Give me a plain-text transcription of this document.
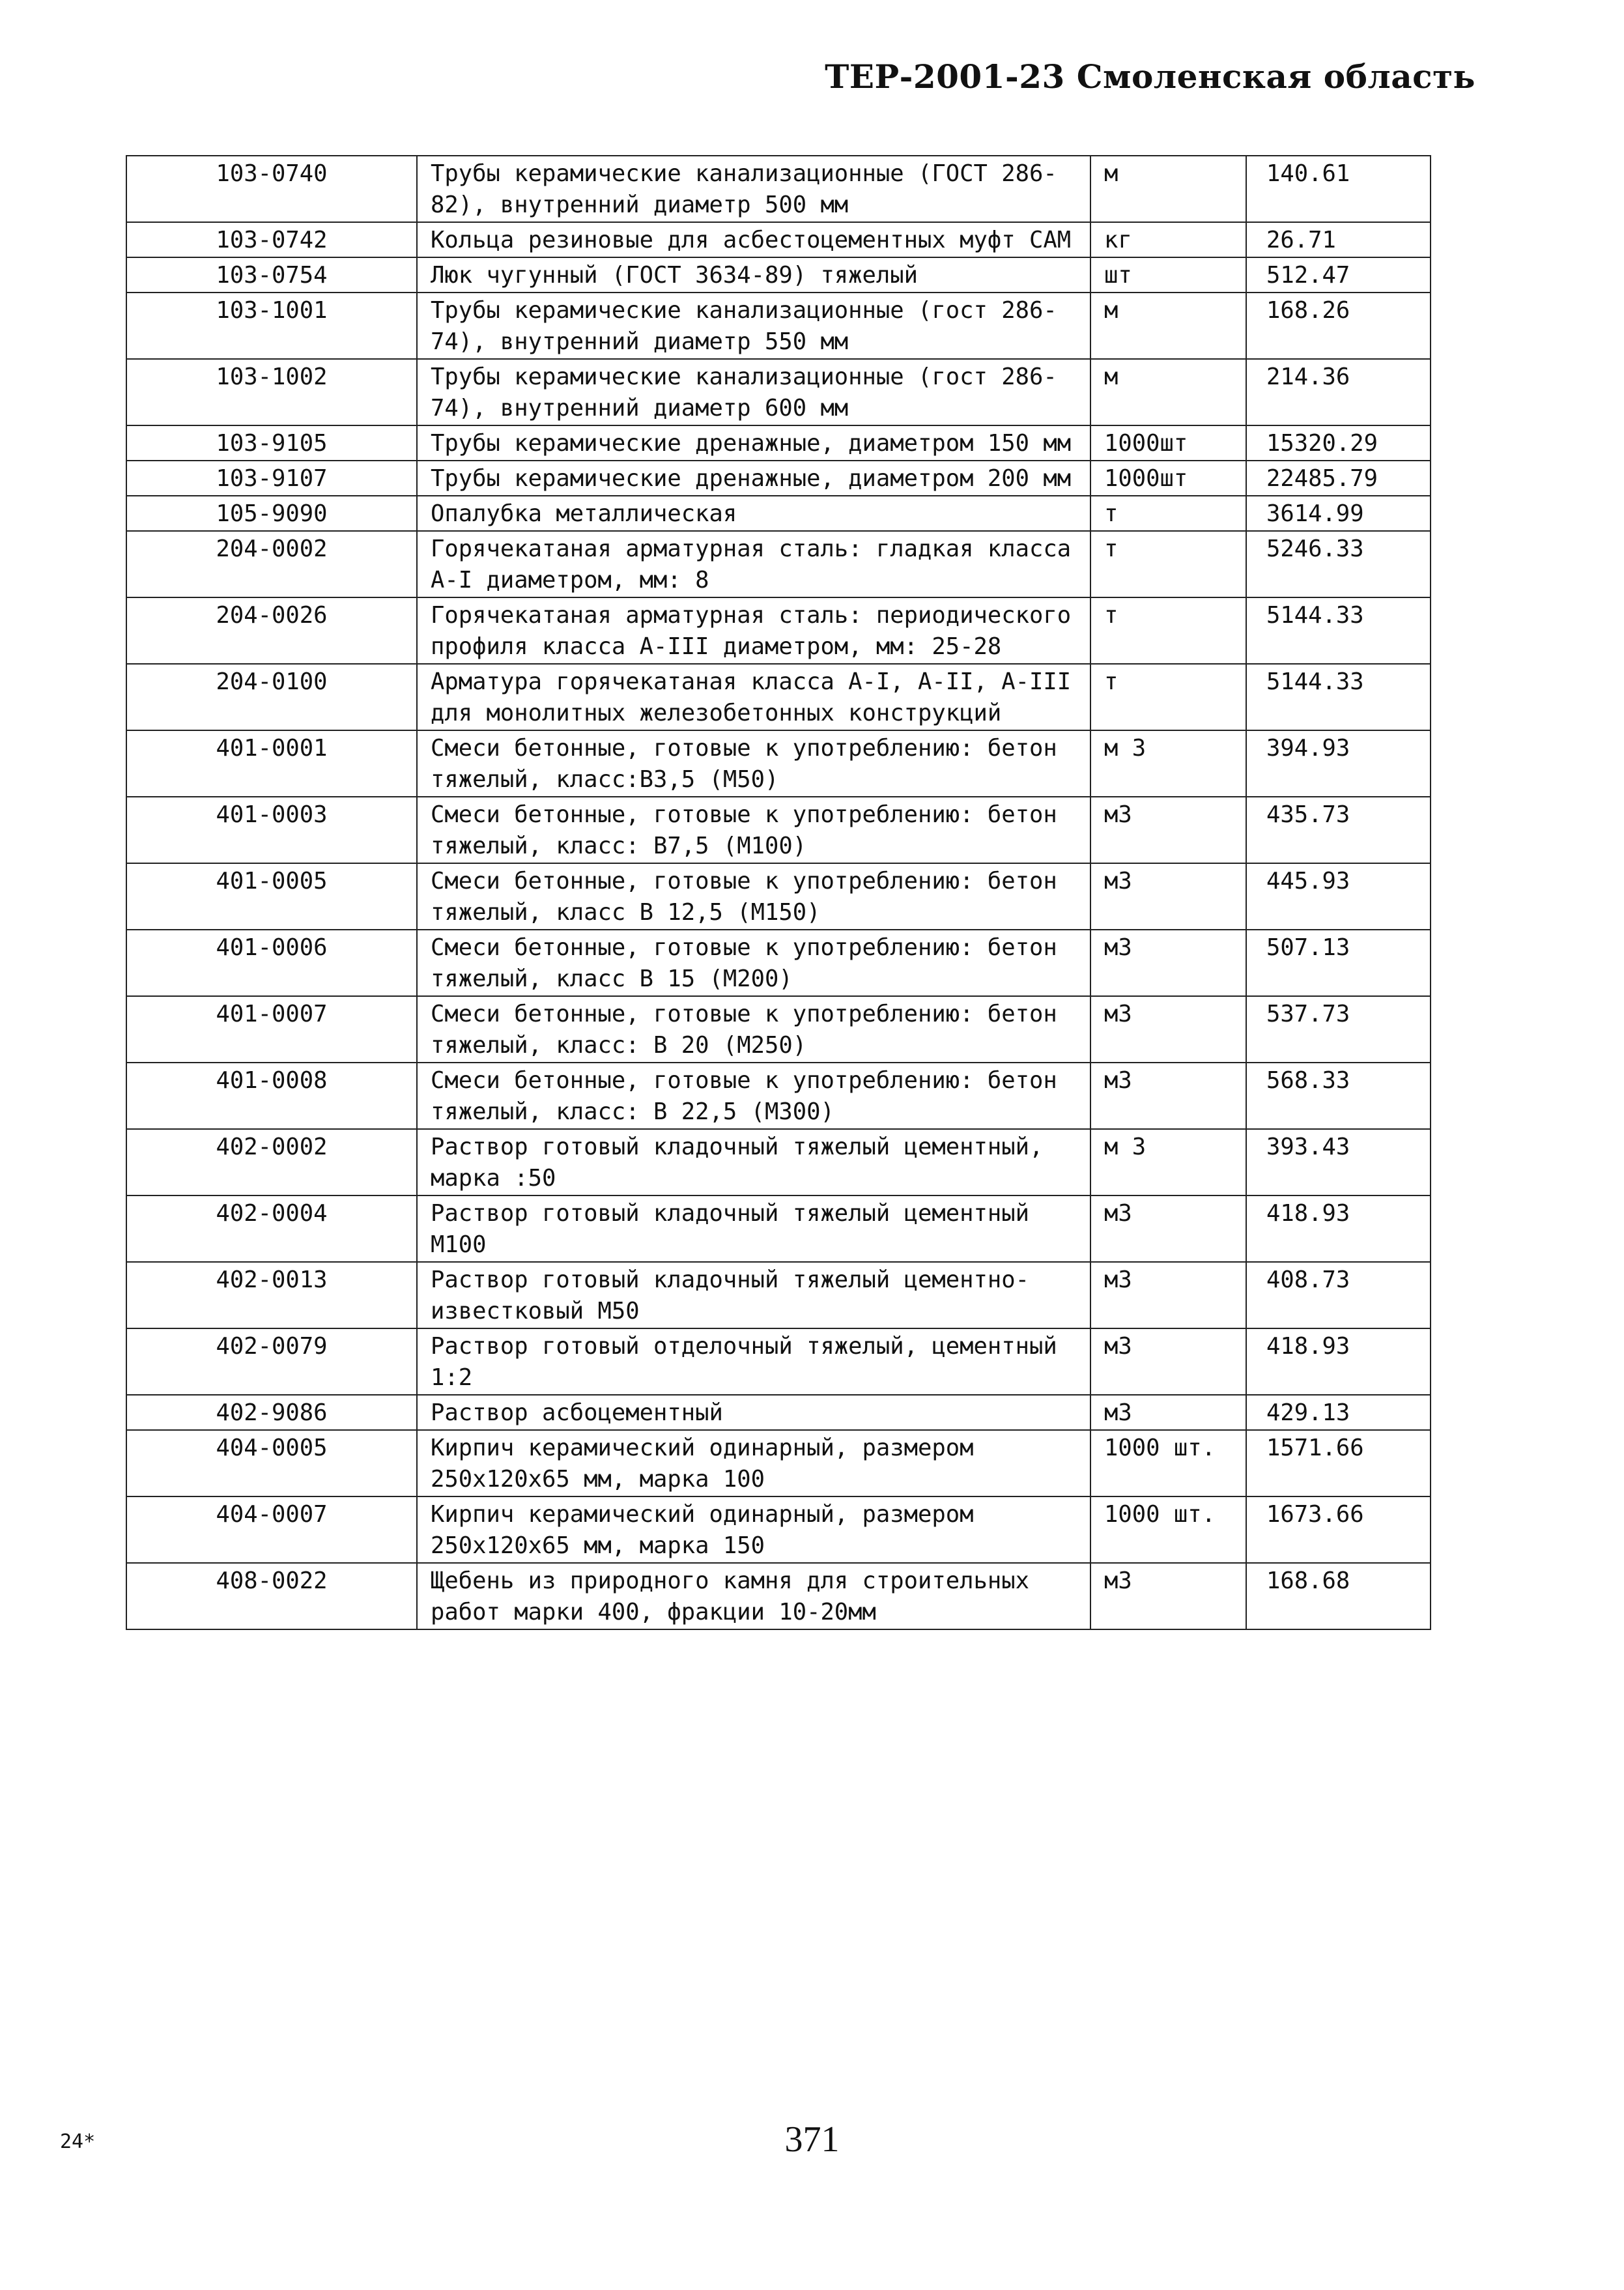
ТЕР-2001-23 Смоленская область
103-0740	Трубы керамические канализационные (ГОСТ 286-82), внутренний диаметр 500 мм	м	140.61
103-0742	Кольца резиновые для асбестоцементных муфт САМ	кг	26.71
103-0754	Люк чугунный (ГОСТ 3634-89) тяжелый	шт	512.47
103-1001	Трубы керамические канализационные (гост 286-74), внутренний диаметр 550 мм	м	168.26
103-1002	Трубы керамические канализационные (гост 286-74), внутренний диаметр 600 мм	м	214.36
103-9105	Трубы керамические дренажные, диаметром 150 мм	1000шт	15320.29
103-9107	Трубы керамические дренажные, диаметром 200 мм	1000шт	22485.79
105-9090	Опалубка металлическая	т	3614.99
204-0002	Горячекатаная арматурная сталь: гладкая класса А-I диаметром, мм: 8	т	5246.33
204-0026	Горячекатаная арматурная сталь: периодического профиля класса А-III диаметром, мм: 25-28	т	5144.33
204-0100	Арматура горячекатаная класса А-I, А-II, А-III для монолитных железобетонных конструкций	т	5144.33
401-0001	Смеси бетонные, готовые к употреблению: бетон тяжелый, класс:В3,5 (М50)	м 3	394.93
401-0003	Смеси бетонные, готовые к употреблению: бетон тяжелый, класс: В7,5 (М100)	м3	435.73
401-0005	Смеси бетонные, готовые к употреблению: бетон тяжелый, класс В 12,5 (М150)	м3	445.93
401-0006	Смеси бетонные, готовые к употреблению: бетон тяжелый, класс В 15 (М200)	м3	507.13
401-0007	Смеси бетонные, готовые к употреблению: бетон тяжелый, класс: В 20 (М250)	м3	537.73
401-0008	Смеси бетонные, готовые к употреблению: бетон тяжелый, класс: В 22,5 (М300)	м3	568.33
402-0002	Раствор готовый кладочный тяжелый цементный, марка :50	м 3	393.43
402-0004	Раствор готовый кладочный тяжелый цементный М100	м3	418.93
402-0013	Раствор готовый кладочный тяжелый цементно-известковый М50	м3	408.73
402-0079	Раствор готовый отделочный тяжелый, цементный 1:2	м3	418.93
402-9086	Раствор асбоцементный	м3	429.13
404-0005	Кирпич керамический одинарный, размером 250х120х65 мм, марка 100	1000 шт.	1571.66
404-0007	Кирпич керамический одинарный, размером 250х120х65 мм, марка 150	1000 шт.	1673.66
408-0022	Щебень из природного камня для строительных работ марки 400, фракции 10-20мм	м3	168.68
24*	371
